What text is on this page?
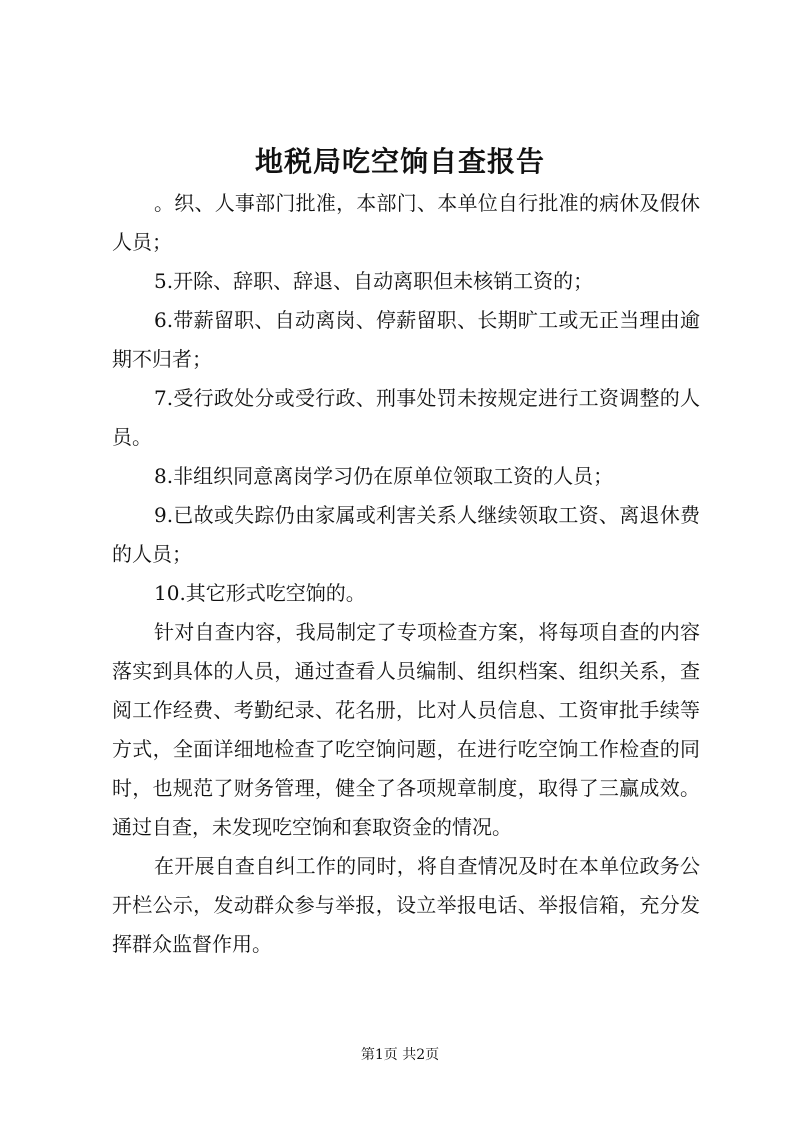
地税局吃空饷自查报告

。织、人事部门批准，本部门、本单位自行批准的病休及假休人员；

5.开除、辞职、辞退、自动离职但未核销工资的；

6.带薪留职、自动离岗、停薪留职、长期旷工或无正当理由逾期不归者；

7.受行政处分或受行政、刑事处罚未按规定进行工资调整的人员。

8.非组织同意离岗学习仍在原单位领取工资的人员；

9.已故或失踪仍由家属或利害关系人继续领取工资、离退休费的人员；

10.其它形式吃空饷的。

针对自查内容，我局制定了专项检查方案，将每项自查的内容落实到具体的人员，通过查看人员编制、组织档案、组织关系，查阅工作经费、考勤纪录、花名册，比对人员信息、工资审批手续等方式，全面详细地检查了吃空饷问题，在进行吃空饷工作检查的同时，也规范了财务管理，健全了各项规章制度，取得了三赢成效。通过自查，未发现吃空饷和套取资金的情况。

在开展自查自纠工作的同时，将自查情况及时在本单位政务公开栏公示，发动群众参与举报，设立举报电话、举报信箱，充分发挥群众监督作用。

第1页 共2页
